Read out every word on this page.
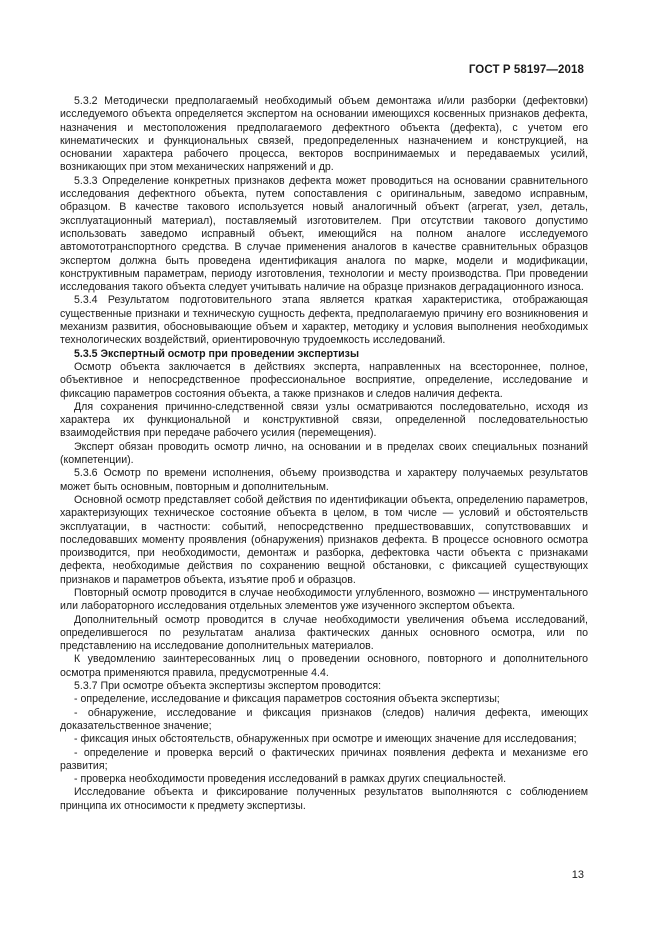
ГОСТ Р 58197—2018

5.3.2 Методически предполагаемый необходимый объем демонтажа и/или разборки (дефектовки) исследуемого объекта определяется экспертом на основании имеющихся косвенных признаков дефекта, назначения и местоположения предполагаемого дефектного объекта (дефекта), с учетом его кинематических и функциональных связей, предопределенных назначением и конструкцией, на основании характера рабочего процесса, векторов воспринимаемых и передаваемых усилий, возникающих при этом механических напряжений и др.

5.3.3 Определение конкретных признаков дефекта может проводиться на основании сравнительного исследования дефектного объекта, путем сопоставления с оригинальным, заведомо исправным, образцом. В качестве такового используется новый аналогичный объект (агрегат, узел, деталь, эксплуатационный материал), поставляемый изготовителем. При отсутствии такового допустимо использовать заведомо исправный объект, имеющийся на полном аналоге исследуемого автомототранспортного средства. В случае применения аналогов в качестве сравнительных образцов экспертом должна быть проведена идентификация аналога по марке, модели и модификации, конструктивным параметрам, периоду изготовления, технологии и месту производства. При проведении исследования такого объекта следует учитывать наличие на образце признаков деградационного износа.

5.3.4 Результатом подготовительного этапа является краткая характеристика, отображающая существенные признаки и техническую сущность дефекта, предполагаемую причину его возникновения и механизм развития, обосновывающие объем и характер, методику и условия выполнения необходимых технологических воздействий, ориентировочную трудоемкость исследований.

5.3.5 Экспертный осмотр при проведении экспертизы

Осмотр объекта заключается в действиях эксперта, направленных на всестороннее, полное, объективное и непосредственное профессиональное восприятие, определение, исследование и фиксацию параметров состояния объекта, а также признаков и следов наличия дефекта.

Для сохранения причинно-следственной связи узлы осматриваются последовательно, исходя из характера их функциональной и конструктивной связи, определенной последовательностью взаимодействия при передаче рабочего усилия (перемещения).

Эксперт обязан проводить осмотр лично, на основании и в пределах своих специальных познаний (компетенции).

5.3.6 Осмотр по времени исполнения, объему производства и характеру получаемых результатов может быть основным, повторным и дополнительным.

Основной осмотр представляет собой действия по идентификации объекта, определению параметров, характеризующих техническое состояние объекта в целом, в том числе — условий и обстоятельств эксплуатации, в частности: событий, непосредственно предшествовавших, сопутствовавших и последовавших моменту проявления (обнаружения) признаков дефекта. В процессе основного осмотра производится, при необходимости, демонтаж и разборка, дефектовка части объекта с признаками дефекта, необходимые действия по сохранению вещной обстановки, с фиксацией существующих признаков и параметров объекта, изъятие проб и образцов.

Повторный осмотр проводится в случае необходимости углубленного, возможно — инструментального или лабораторного исследования отдельных элементов уже изученного экспертом объекта.

Дополнительный осмотр проводится в случае необходимости увеличения объема исследований, определившегося по результатам анализа фактических данных основного осмотра, или по представлению на исследование дополнительных материалов.

К уведомлению заинтересованных лиц о проведении основного, повторного и дополнительного осмотра применяются правила, предусмотренные 4.4.

5.3.7 При осмотре объекта экспертизы экспертом проводится:

- определение, исследование и фиксация параметров состояния объекта экспертизы;

- обнаружение, исследование и фиксация признаков (следов) наличия дефекта, имеющих доказательственное значение;

- фиксация иных обстоятельств, обнаруженных при осмотре и имеющих значение для исследования;

- определение и проверка версий о фактических причинах появления дефекта и механизме его развития;

- проверка необходимости проведения исследований в рамках других специальностей.

Исследование объекта и фиксирование полученных результатов выполняются с соблюдением принципа их относимости к предмету экспертизы.

13
